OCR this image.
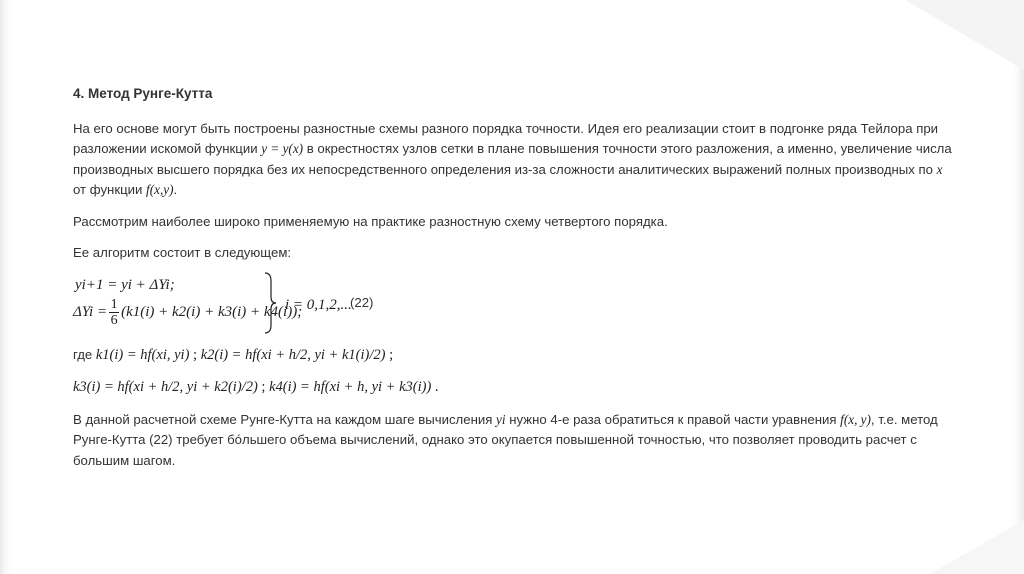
4. Метод Рунге-Кутта

На его основе могут быть построены разностные схемы разного порядка точности. Идея его реализации стоит в подгонке ряда Тейлора при разложении искомой функции y = y(x) в окрестностях узлов сетки в плане повышения точности этого разложения, а именно, увеличение числа производных высшего порядка без их непосредственного определения из-за сложности аналитических выражений полных производных по x от функции f(x,y).

Рассмотрим наиболее широко применяемую на практике разностную схему четвертого порядка.

Ее алгоритм состоит в следующем:

yi+1 = yi + ΔYi;
$\Delta Yi = \frac{1}{6} (k1(i) + k2(i) + k3(i) + k4(i))$;
i = 0,1,2,...
(22)
где k1(i) = hf(xi, yi) ; k2(i) = hf(xi + h/2, yi + k1(i)/2) ;
k3(i) = hf(xi + h/2, yi + k2(i)/2) ; k4(i) = hf(xi + h, yi + k3(i)) .

В данной расчетной схеме Рунге-Кутта на каждом шаге вычисления yi нужно 4-е раза обратиться к правой части уравнения f(x, y), т.е. метод Рунге-Кутта (22) требует бóльшего объема вычислений, однако это окупается повышенной точностью, что позволяет проводить расчет с большим шагом.
